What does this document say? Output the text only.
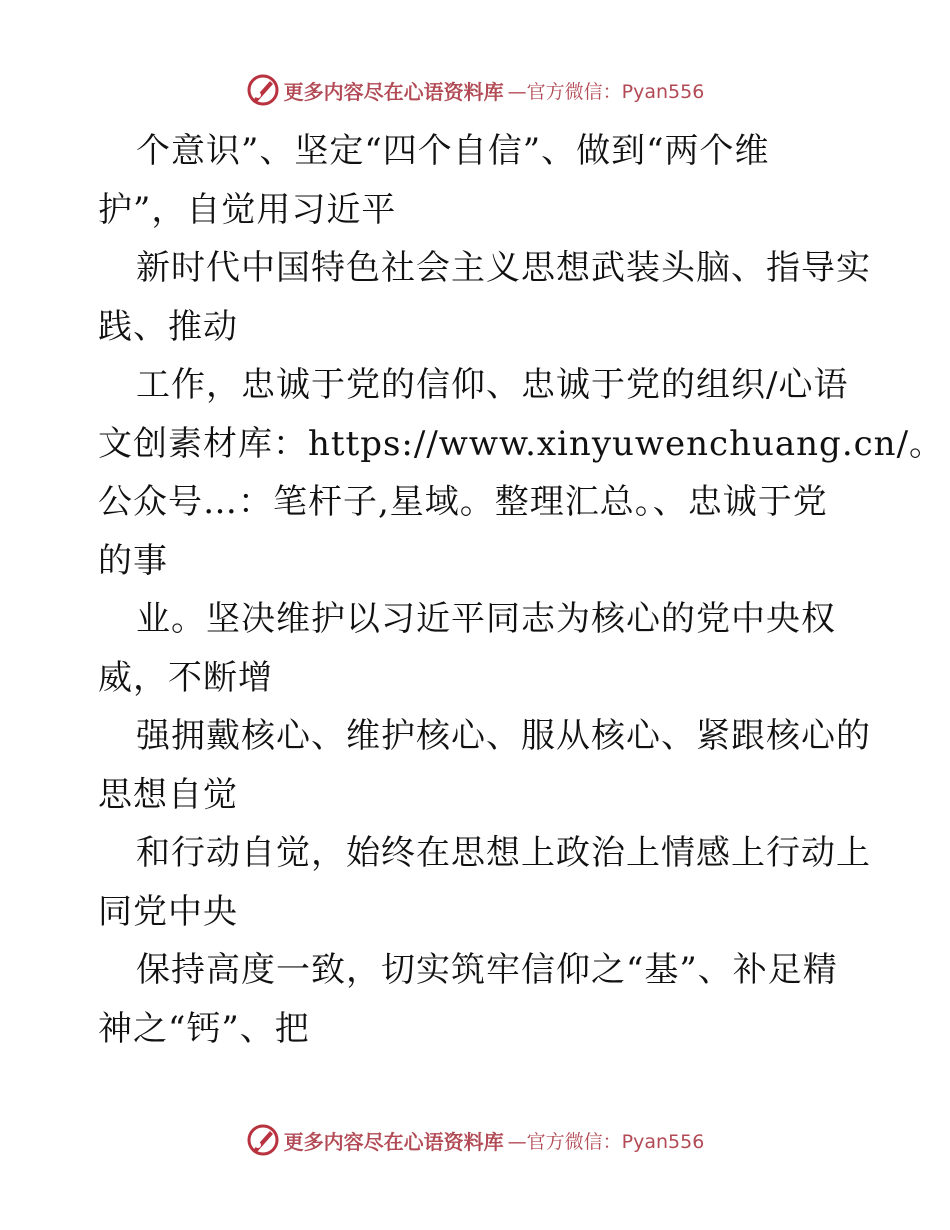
更多内容尽在心语资料库 —官方微信：Pyan556
个意识”、坚定“四个自信”、做到“两个维
护”，自觉用习近平
新时代中国特色社会主义思想武装头脑、指导实
践、推动
工作，忠诚于党的信仰、忠诚于党的组织/心语
文创素材库：https://www.xinyuwenchuang.cn/。
公众号…：笔杆子,星域。整理汇总。、忠诚于党
的事
业。坚决维护以习近平同志为核心的党中央权
威，不断增
强拥戴核心、维护核心、服从核心、紧跟核心的
思想自觉
和行动自觉，始终在思想上政治上情感上行动上
同党中央
保持高度一致，切实筑牢信仰之“基”、补足精
神之“钙”、把
更多内容尽在心语资料库 —官方微信：Pyan556
